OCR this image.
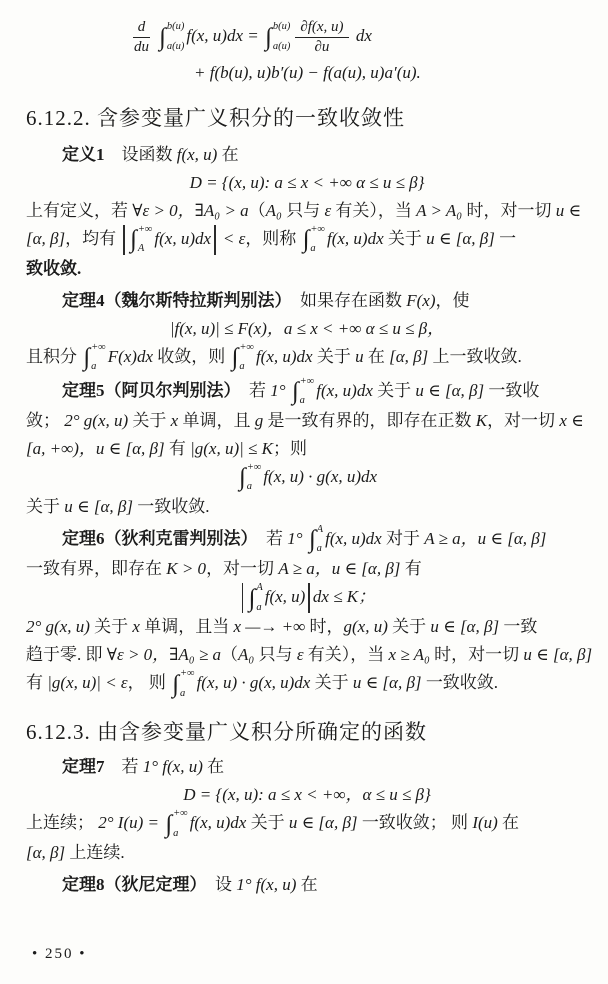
$\frac{d}{du}$ ∫ b(u)
a(u)
f(x, u)dx = ∫ b(u)
$a(u) \frac{\partial f(x, u)}{\partial u}$ dx
+ f(b(u), u)b′(u) − f(a(u), u)a′(u).
6.12.2. 含参变量广义积分的一致收敛性
定义1　设函数 f(x, u) 在
D = {(x, u): a ≤ x < +∞ α ≤ u ≤ β}
上有定义，若 ∀ε > 0，∃A₀ > a（A₀ 只与 ε 有关），当 A > A₀ 时，对一切 u ∈
[α, β]，均有 ∫ +∞
A
f(x, u)dx < ε，则称 ∫ +∞
a
f(x, u)dx 关于 u ∈ [α, β] 一
致收敛.
定理4（魏尔斯特拉斯判别法）　如果存在函数 F(x)，使
|f(x, u)| ≤ F(x)，a ≤ x < +∞ α ≤ u ≤ β，
且积分 ∫ +∞
a
F(x)dx 收敛，则 ∫ +∞
a
f(x, u)dx 关于 u 在 [α, β] 上一致收敛.
定理5（阿贝尔判别法）　若 1° ∫ +∞
a
f(x, u)dx 关于 u ∈ [α, β] 一致收
敛； 2° g(x, u) 关于 x 单调，且 g 是一致有界的，即存在正数 K，对一切 x ∈
[a, +∞)，u ∈ [α, β] 有 |g(x, u)| ≤ K；则
∫ +∞
a
f(x, u) · g(x, u)dx
关于 u ∈ [α, β] 一致收敛.
定理6（狄利克雷判别法）　若 1° ∫ A
a
f(x, u)dx 对于 A ≥ a，u ∈ [α, β]
一致有界，即存在 K > 0，对一切 A ≥ a，u ∈ [α, β] 有
∫ A
a
f(x, u) dx ≤ K；
2° g(x, u) 关于 x 单调，且当 x —→ +∞ 时，g(x, u) 关于 u ∈ [α, β] 一致
趋于零. 即 ∀ε > 0，∃A₀ ≥ a（A₀ 只与 ε 有关），当 x ≥ A₀ 时，对一切 u ∈ [α, β]
有 |g(x, u)| < ε， 则 ∫ +∞
a
f(x, u) · g(x, u)dx 关于 u ∈ [α, β] 一致收敛.
6.12.3. 由含参变量广义积分所确定的函数
定理7　若 1° f(x, u) 在
D = {(x, u): a ≤ x < +∞，α ≤ u ≤ β}
上连续； 2° I(u) = ∫ +∞
a
f(x, u)dx 关于 u ∈ [α, β] 一致收敛； 则 I(u) 在
[α, β] 上连续.
定理8（狄尼定理）　设 1° f(x, u) 在
• 250 •
